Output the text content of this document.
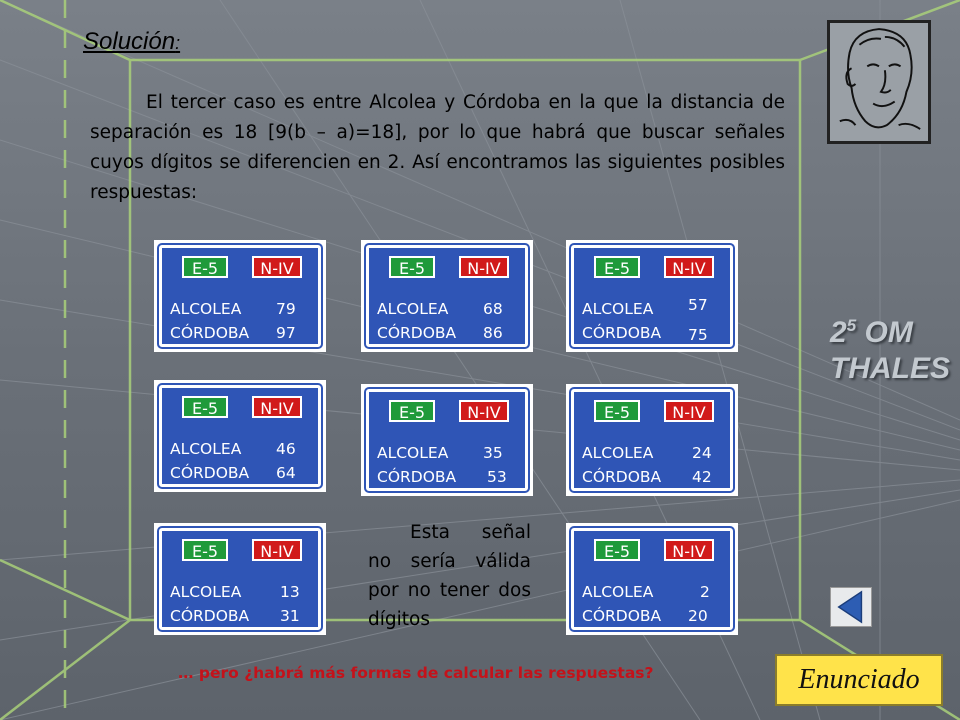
Solución:
El tercer caso es entre Alcolea y Córdoba en la que la distancia de separación es 18 [9(b – a)=18], por lo que habrá que buscar señales cuyos dígitos se diferencien en 2. Así encontramos las siguientes posibles respuestas:
$2^5$ OM
THALES
E-5	N-IV
ALCOLEA 79
CÓRDOBA 97
E-5	N-IV
ALCOLEA 68
CÓRDOBA 86
E-5	N-IV
ALCOLEA 57
CÓRDOBA 75
E-5	N-IV
ALCOLEA 46
CÓRDOBA 64
E-5	N-IV
ALCOLEA 35
CÓRDOBA 53
E-5	N-IV
ALCOLEA 24
CÓRDOBA 42
E-5	N-IV
ALCOLEA 13
CÓRDOBA 31
Esta señal no sería válida por no tener dos dígitos
E-5	N-IV
ALCOLEA	2
CÓRDOBA 20
Enunciado
… pero ¿habrá más formas de calcular las respuestas?
